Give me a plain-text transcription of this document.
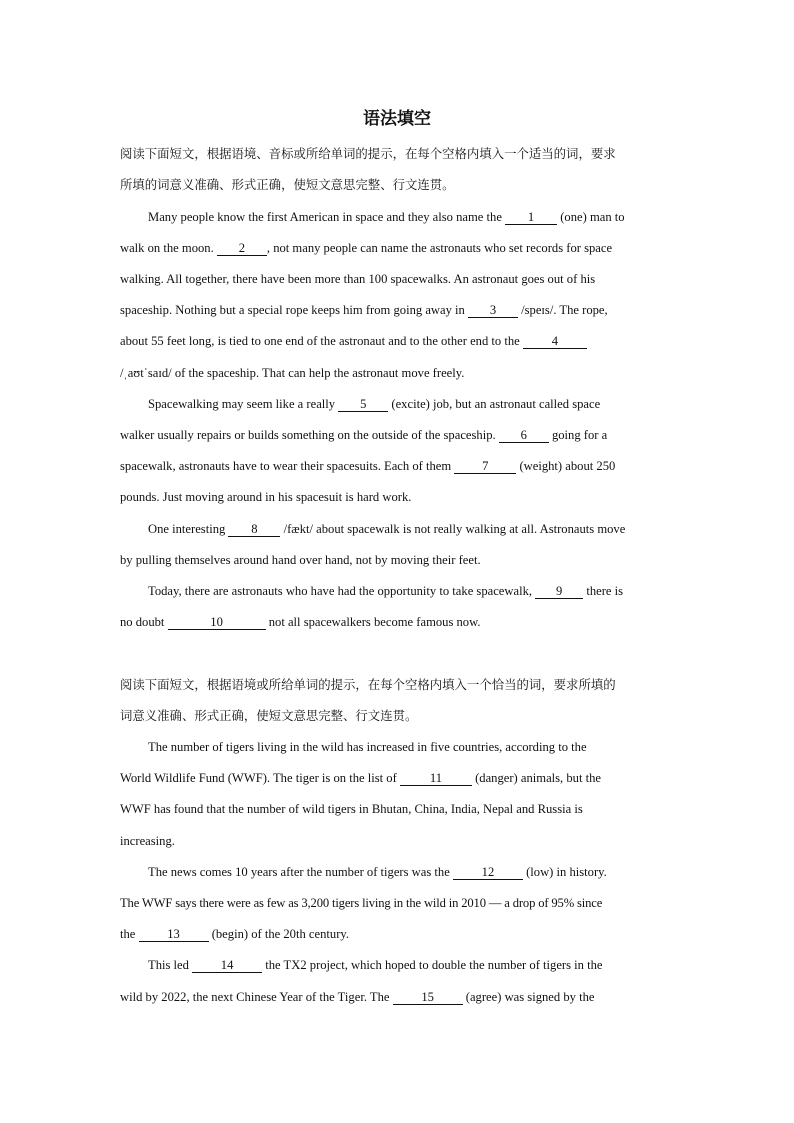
语法填空
阅读下面短文，根据语境、音标或所给单词的提示，在每个空格内填入一个适当的词，要求
所填的词意义准确、形式正确，使短文意思完整、行文连贯。
Many people know the first American in space and they also name the 1 (one) man to
walk on the moon. 2 , not many people can name the astronauts who set records for space
walking. All together, there have been more than 100 spacewalks. An astronaut goes out of his
spaceship. Nothing but a special rope keeps him from going away in 3 /speɪs/. The rope,
about 55 feet long, is tied to one end of the astronaut and to the other end to the 4
/ˌaʊtˈsaɪd/ of the spaceship. That can help the astronaut move freely.
Spacewalking may seem like a really 5 (excite) job, but an astronaut called space
walker usually repairs or builds something on the outside of the spaceship. 6 going for a
spacewalk, astronauts have to wear their spacesuits. Each of them 7 (weight) about 250
pounds. Just moving around in his spacesuit is hard work.
One interesting 8 /fækt/ about spacewalk is not really walking at all. Astronauts move
by pulling themselves around hand over hand, not by moving their feet.
Today, there are astronauts who have had the opportunity to take spacewalk, 9 there is
no doubt	10	not all spacewalkers become famous now.
阅读下面短文，根据语境或所给单词的提示，在每个空格内填入一个恰当的词，要求所填的
词意义准确、形式正确，使短文意思完整、行文连贯。
The number of tigers living in the wild has increased in five countries, according to the
World Wildlife Fund (WWF). The tiger is on the list of 11 (danger) animals, but the
WWF has found that the number of wild tigers in Bhutan, China, India, Nepal and Russia is
increasing.
The news comes 10 years after the number of tigers was the 12 (low) in history.
The WWF says there were as few as 3,200 tigers living in the wild in 2010 — a drop of 95% since
the 13 (begin) of the 20th century.
This led 14 the TX2 project, which hoped to double the number of tigers in the
wild by 2022, the next Chinese Year of the Tiger. The 15 (agree) was signed by the
